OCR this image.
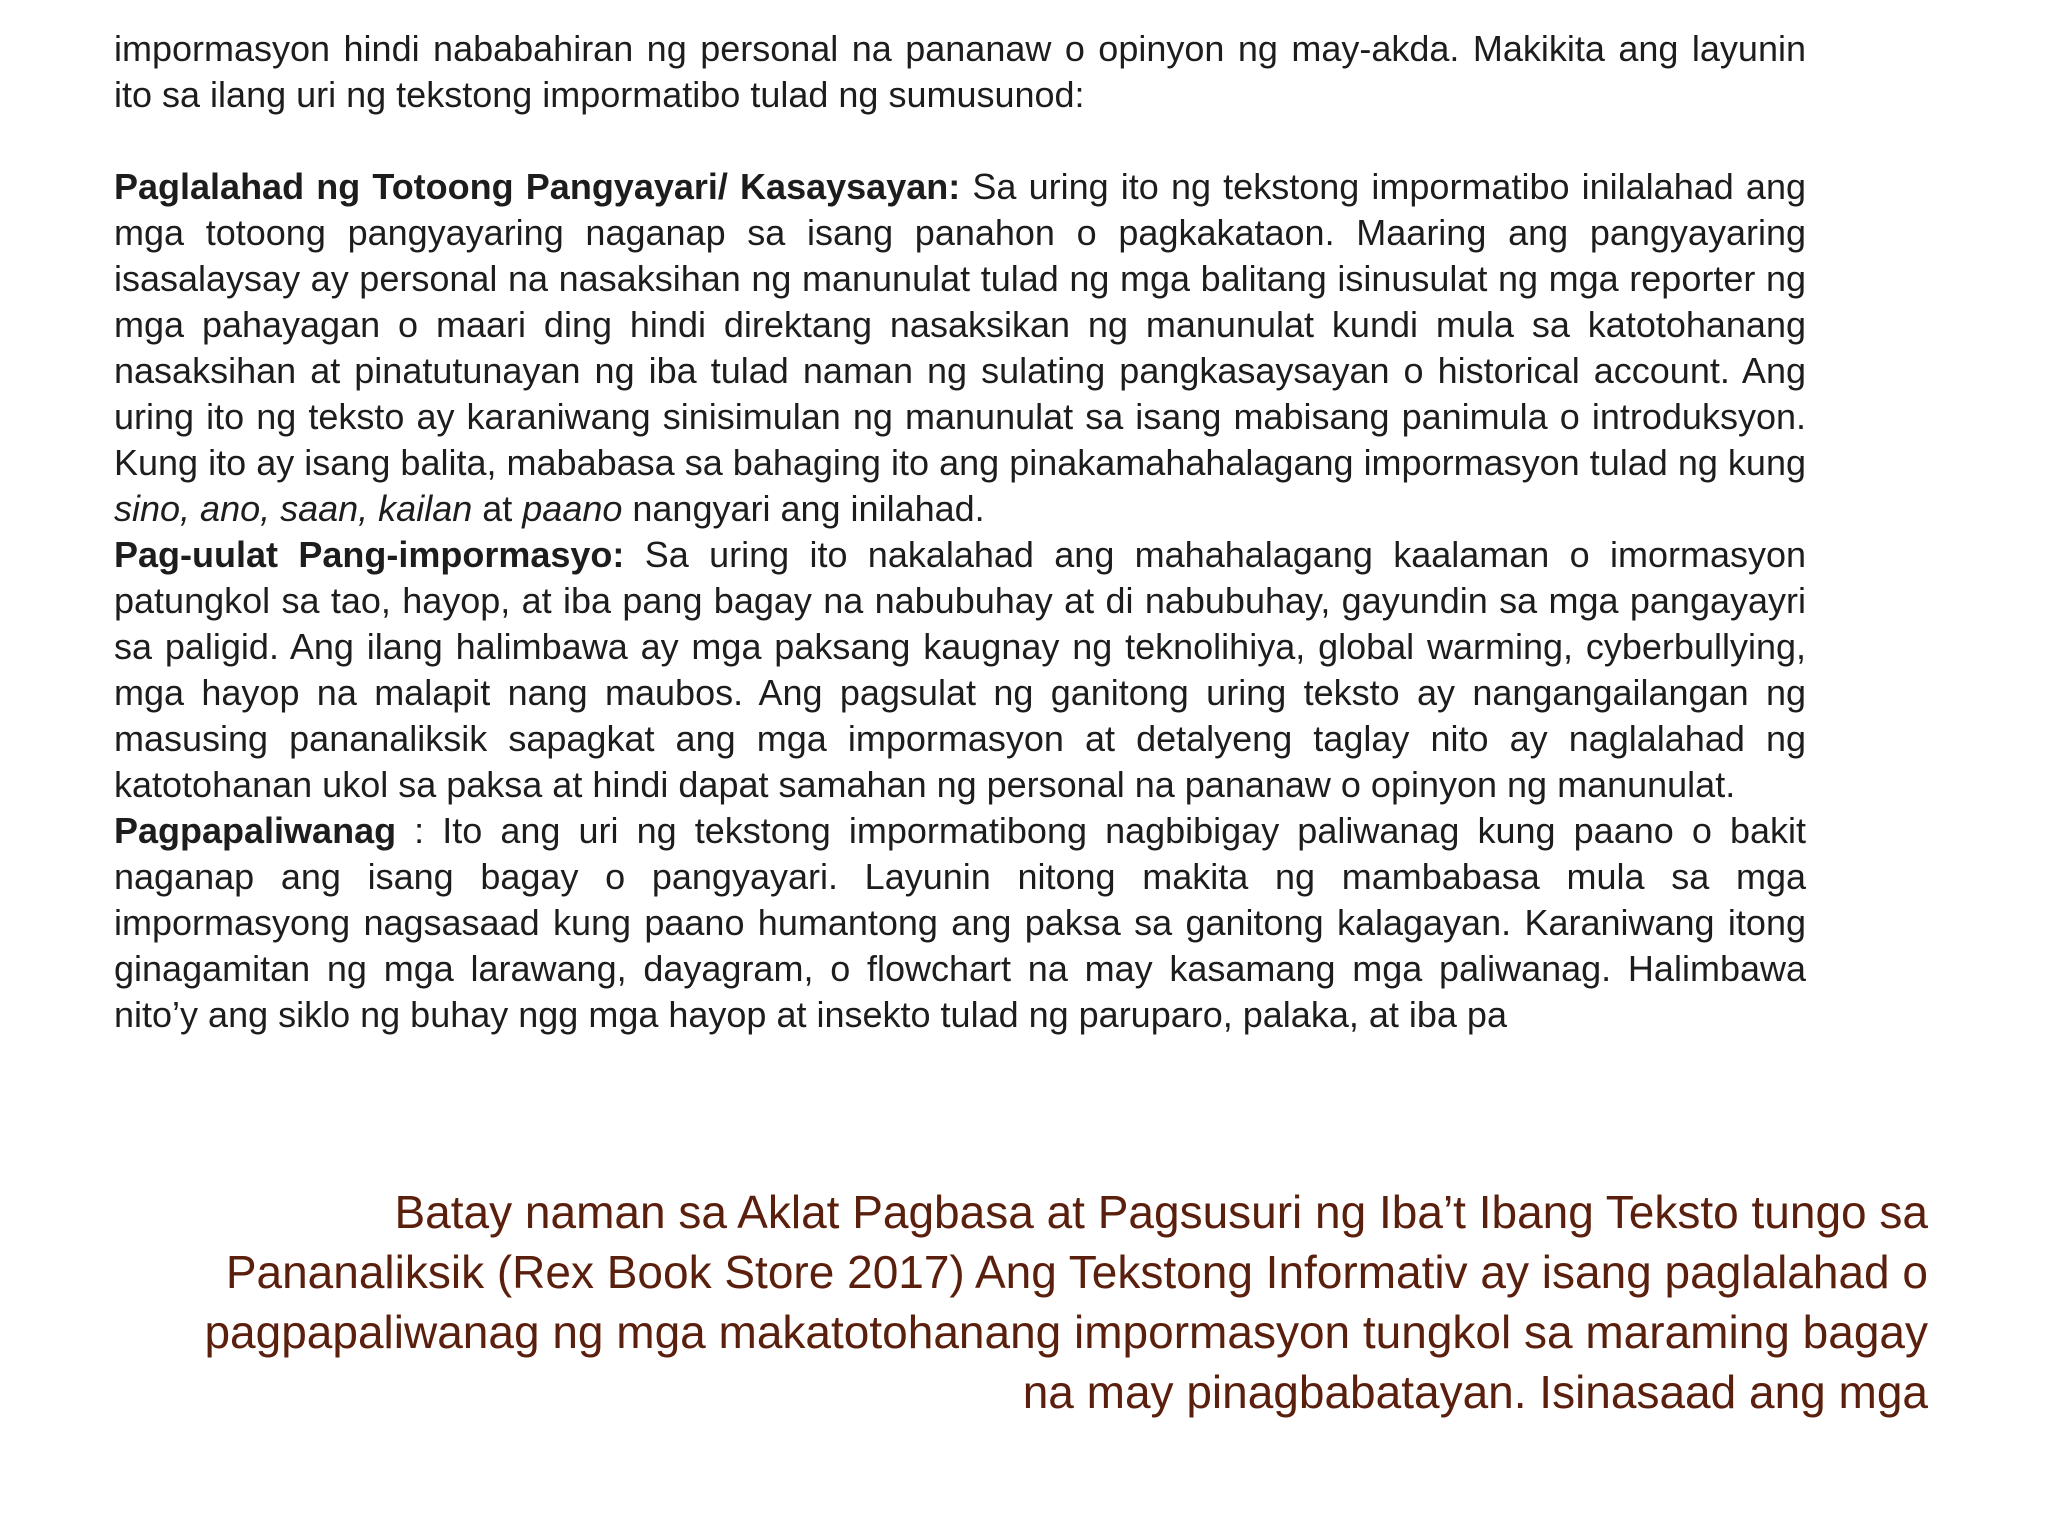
impormasyon hindi nababahiran ng personal na pananaw o opinyon ng may-akda. Makikita ang layunin ito sa ilang uri ng tekstong impormatibo tulad ng sumusunod:

Paglalahad ng Totoong Pangyayari/ Kasaysayan: Sa uring ito ng tekstong impormatibo inilalahad ang mga totoong pangyayaring naganap sa isang panahon o pagkakataon. Maaring ang pangyayaring isasalaysay ay personal na nasaksihan ng manunulat tulad ng mga balitang isinusulat ng mga reporter ng mga pahayagan o maari ding hindi direktang nasaksikan ng manunulat kundi mula sa katotohanang nasaksihan at pinatutunayan ng iba tulad naman ng sulating pangkasaysayan o historical account. Ang uring ito ng teksto ay karaniwang sinisimulan ng manunulat sa isang mabisang panimula o introduksyon. Kung ito ay isang balita, mababasa sa bahaging ito ang pinakamahahalagang impormasyon tulad ng kung sino, ano, saan, kailan at paano nangyari ang inilahad.

Pag-uulat Pang-impormasyo: Sa uring ito nakalahad ang mahahalagang kaalaman o imormasyon patungkol sa tao, hayop, at iba pang bagay na nabubuhay at di nabubuhay, gayundin sa mga pangayayri sa paligid. Ang ilang halimbawa ay mga paksang kaugnay ng teknolihiya, global warming, cyberbullying, mga hayop na malapit nang maubos. Ang pagsulat ng ganitong uring teksto ay nangangailangan ng masusing pananaliksik sapagkat ang mga impormasyon at detalyeng taglay nito ay naglalahad ng katotohanan ukol sa paksa at hindi dapat samahan ng personal na pananaw o opinyon ng manunulat.

Pagpapaliwanag : Ito ang uri ng tekstong impormatibong nagbibigay paliwanag kung paano o bakit naganap ang isang bagay o pangyayari. Layunin nitong makita ng mambabasa mula sa mga impormasyong nagsasaad kung paano humantong ang paksa sa ganitong kalagayan. Karaniwang itong ginagamitan ng mga larawang, dayagram, o flowchart na may kasamang mga paliwanag. Halimbawa nito’y ang siklo ng buhay ngg mga hayop at insekto tulad ng paruparo, palaka, at iba pa

Batay naman sa Aklat Pagbasa at Pagsusuri ng Iba’t Ibang Teksto tungo sa Pananaliksik (Rex Book Store 2017) Ang Tekstong Informativ ay isang paglalahad o pagpapaliwanag ng mga makatotohanang impormasyon tungkol sa maraming bagay na may pinagbabatayan. Isinasaad ang mga
